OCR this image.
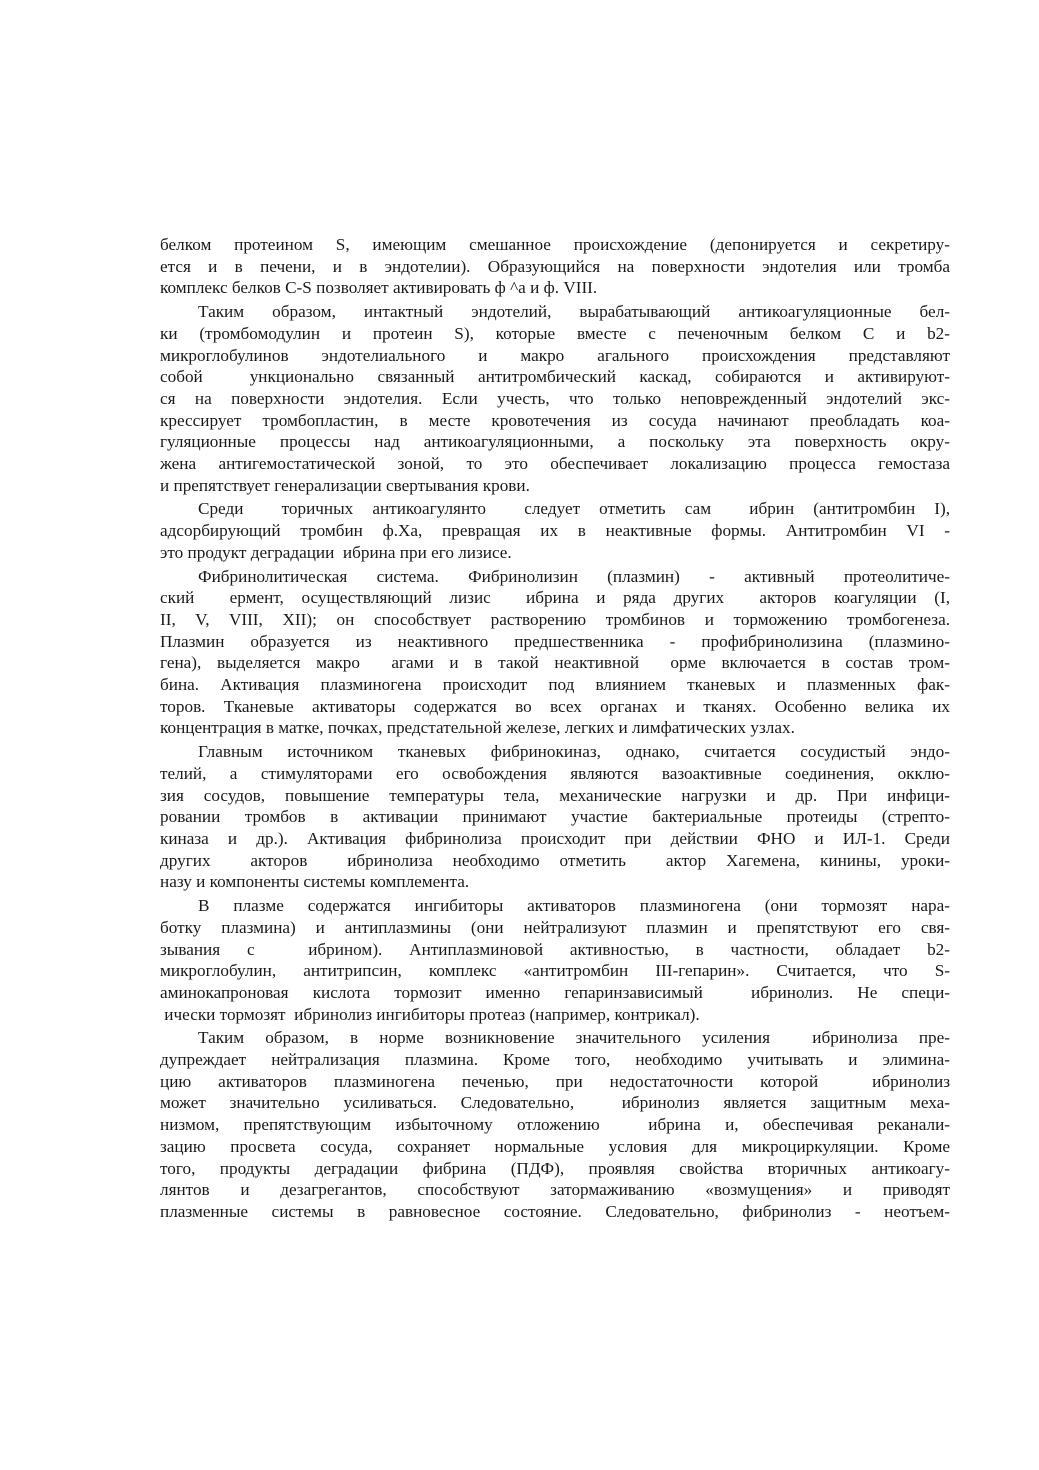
белком протеином S, имеющим смешанное происхождение (депонируется и секретиру-
ется и в печени, и в эндотелии). Образующийся на поверхности эндотелия или тромба
комплекс белков C-S позволяет активировать ф ^а и ф. VIII.

Таким образом, интактный эндотелий, вырабатывающий антикоагуляционные бел-
ки (тромбомодулин и протеин S), которые вместе с печеночным белком C и b2-
микроглобулинов эндотелиального и макро агального происхождения представляют
собой  ункционально связанный антитромбический каскад, собираются и активируют-
ся на поверхности эндотелия. Если учесть, что только неповрежденный эндотелий экс-
крессирует тромбопластин, в месте кровотечения из сосуда начинают преобладать коа-
гуляционные процессы над антикоагуляционными, а поскольку эта поверхность окру-
жена антигемостатической зоной, то это обеспечивает локализацию процесса гемостаза
и препятствует генерализации свертывания крови.

Среди  торичных антикоагулянто  следует отметить сам  ибрин (антитромбин I),
адсорбирующий тромбин ф.Ха, превращая их в неактивные формы. Антитромбин VI -
это продукт деградации  ибрина при его лизисе.

Фибринолитическая система. Фибринолизин (плазмин) - активный протеолитиче-
ский  ермент, осуществляющий лизис  ибрина и ряда других  акторов коагуляции (I,
II, V, VIII, XII); он способствует растворению тромбинов и торможению тромбогенеза.
Плазмин образуется из неактивного предшественника - профибринолизина (плазмино-
гена), выделяется макро  агами и в такой неактивной  орме включается в состав тром-
бина. Активация плазминогена происходит под влиянием тканевых и плазменных фак-
торов. Тканевые активаторы содержатся во всех органах и тканях. Особенно велика их
концентрация в матке, почках, предстательной железе, легких и лимфатических узлах.

Главным источником тканевых фибринокиназ, однако, считается сосудистый эндо-
телий, а стимуляторами его освобождения являются вазоактивные соединения, окклю-
зия сосудов, повышение температуры тела, механические нагрузки и др. При инфици-
ровании тромбов в активации принимают участие бактериальные протеиды (стрепто-
киназа и др.). Активация фибринолиза происходит при действии ФНО и ИЛ-1. Среди
других  акторов  ибринолиза необходимо отметить  актор Хагемена, кинины, уроки-
назу и компоненты системы комплемента.

В плазме содержатся ингибиторы активаторов плазминогена (они тормозят нара-
ботку плазмина) и антиплазмины (они нейтрализуют плазмин и препятствуют его свя-
зывания с  ибрином). Антиплазминовой активностью, в частности, обладает b2-
микроглобулин, антитрипсин, комплекс «антитромбин III-гепарин». Считается, что S-
аминокапроновая кислота тормозит именно гепаринзависимый  ибринолиз. Не специ-
ически тормозят  ибринолиз ингибиторы протеаз (например, контрикал).

Таким образом, в норме возникновение значительного усиления  ибринолиза пре-
дупреждает нейтрализация плазмина. Кроме того, необходимо учитывать и элимина-
цию активаторов плазминогена печенью, при недостаточности которой  ибринолиз
может значительно усиливаться. Следовательно,  ибринолиз является защитным меха-
низмом, препятствующим избыточному отложению  ибрина и, обеспечивая реканали-
зацию просвета сосуда, сохраняет нормальные условия для микроциркуляции. Кроме
того, продукты деградации фибрина (ПДФ), проявляя свойства вторичных антикоагу-
лянтов и дезагрегантов, способствуют затормаживанию «возмущения» и приводят
плазменные системы в равновесное состояние. Следовательно, фибринолиз - неотъем-
